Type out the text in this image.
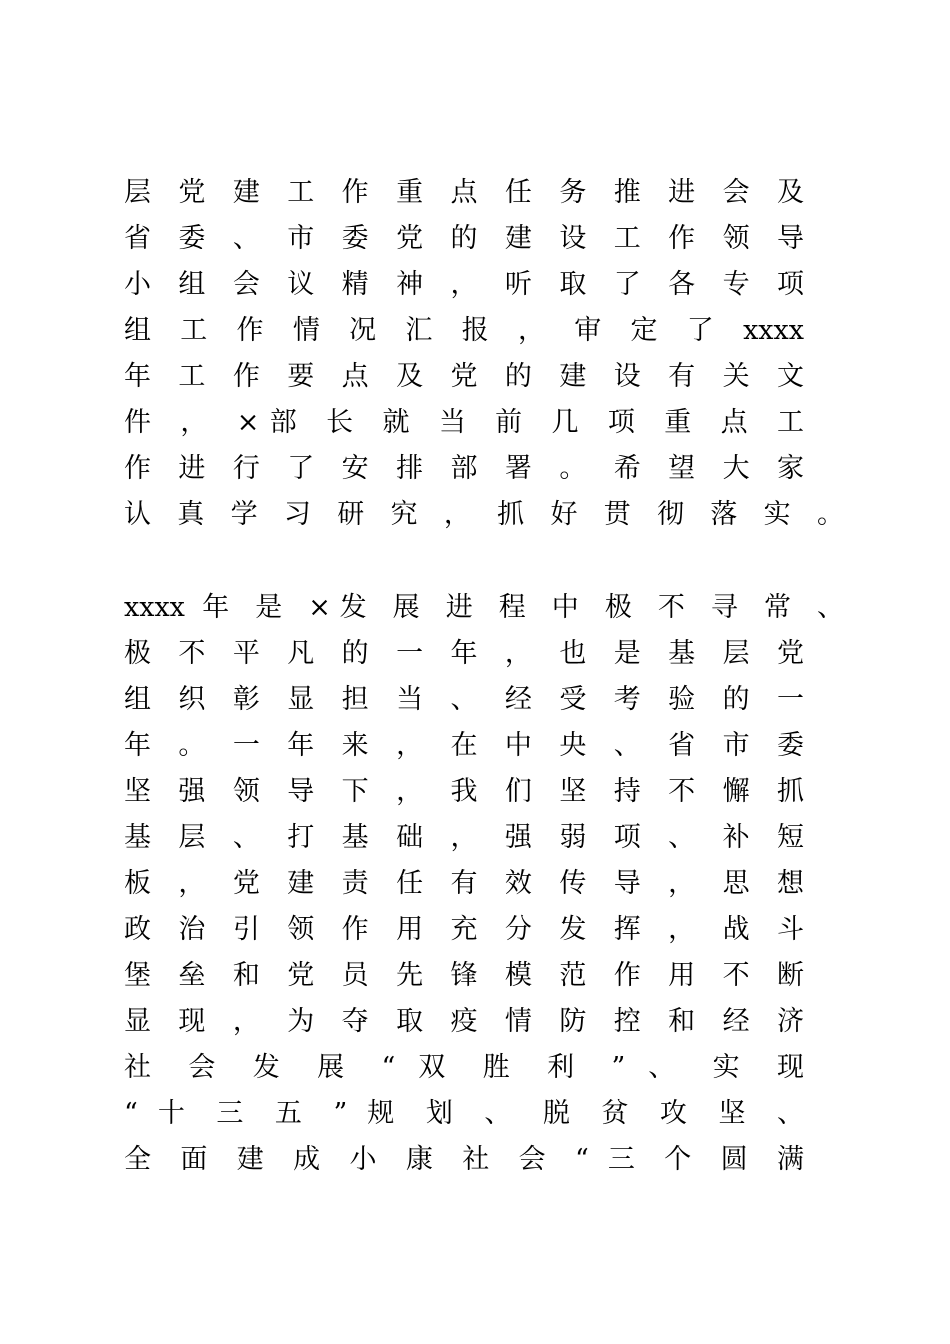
层 党 建 工 作 重 点 任 务 推 进 会 及
省 委 、 市 委 党 的 建 设 工 作 领 导
小 组 会 议 精 神 ， 听 取 了 各 专 项
组 工 作 情 况 汇 报 ， 审 定 了 xxxx
年 工 作 要 点 及 党 的 建 设 有 关 文
件 ， ×部 长 就 当 前 几 项 重 点 工
作 进 行 了 安 排 部 署 。 希 望 大 家
认 真 学 习 研 究 ， 抓 好 贯 彻 落 实 。
xxxx 年 是 ×发 展 进 程 中 极 不 寻 常 、
极 不 平 凡 的 一 年 ， 也 是 基 层 党
组 织 彰 显 担 当 、 经 受 考 验 的 一
年 。 一 年 来 ， 在 中 央 、 省 市 委
坚 强 领 导 下 ， 我 们 坚 持 不 懈 抓
基 层 、 打 基 础 ， 强 弱 项 、 补 短
板 ， 党 建 责 任 有 效 传 导 ， 思 想
政 治 引 领 作 用 充 分 发 挥 ， 战 斗
堡 垒 和 党 员 先 锋 模 范 作 用 不 断
显 现 ， 为 夺 取 疫 情 防 控 和 经 济
社 会 发 展 “ 双 胜 利 ” 、 实 现
“ 十 三 五 ” 规 划 、 脱 贫 攻 坚 、
全 面 建 成 小 康 社 会 “ 三 个 圆 满
